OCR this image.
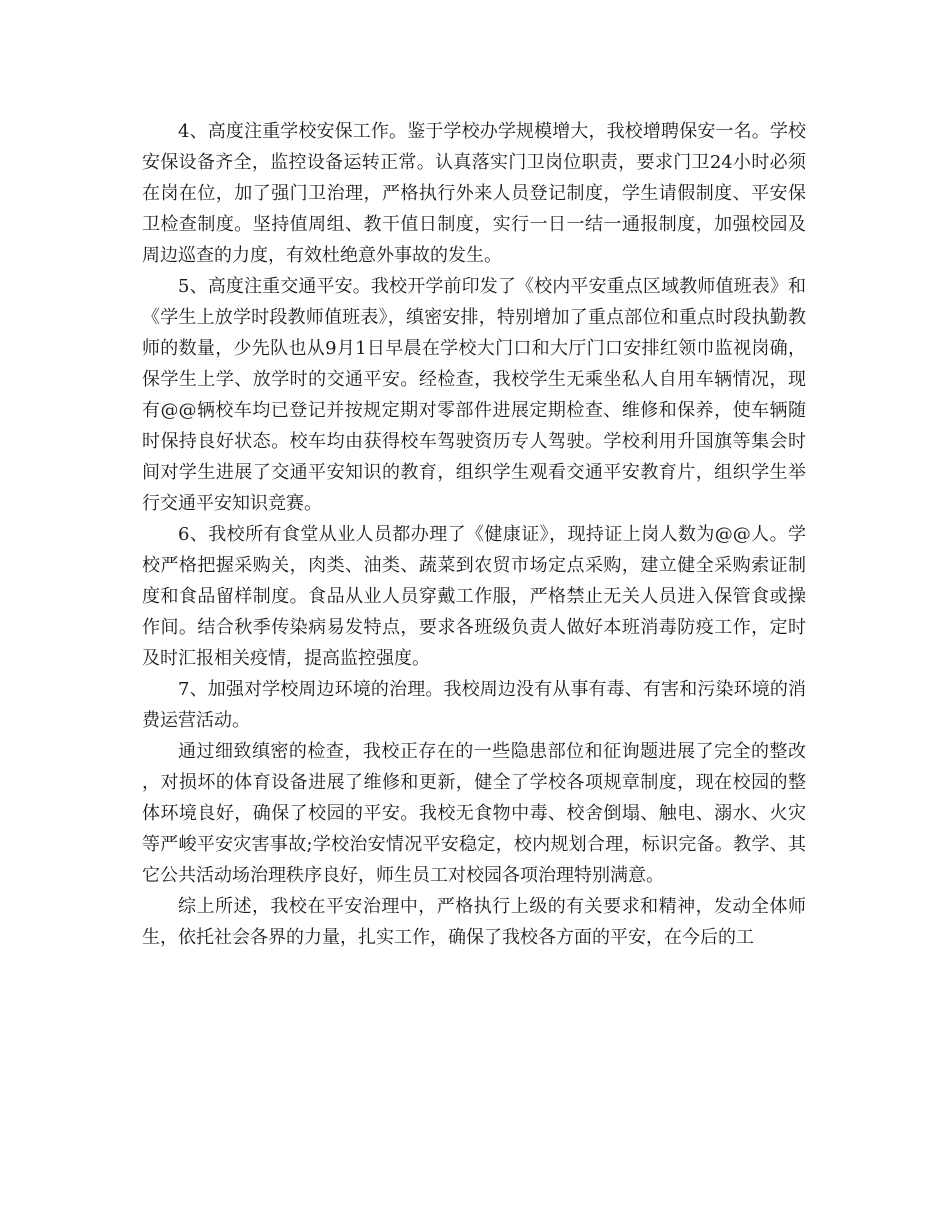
4、高度注重学校安保工作。鉴于学校办学规模增大，我校增聘保安一名。学校安保设备齐全，监控设备运转正常。认真落实门卫岗位职责，要求门卫24小时必须在岗在位，加了强门卫治理，严格执行外来人员登记制度，学生请假制度、平安保卫检查制度。坚持值周组、教干值日制度，实行一日一结一通报制度，加强校园及周边巡查的力度，有效杜绝意外事故的发生。

5、高度注重交通平安。我校开学前印发了《校内平安重点区域教师值班表》和《学生上放学时段教师值班表》，缜密安排，特别增加了重点部位和重点时段执勤教师的数量，少先队也从9月1日早晨在学校大门口和大厅门口安排红领巾监视岗确，保学生上学、放学时的交通平安。经检查，我校学生无乘坐私人自用车辆情况，现有@@辆校车均已登记并按规定期对零部件进展定期检查、维修和保养，使车辆随时保持良好状态。校车均由获得校车驾驶资历专人驾驶。学校利用升国旗等集会时间对学生进展了交通平安知识的教育，组织学生观看交通平安教育片，组织学生举行交通平安知识竞赛。

6、我校所有食堂从业人员都办理了《健康证》，现持证上岗人数为@@人。学校严格把握采购关，肉类、油类、蔬菜到农贸市场定点采购，建立健全采购索证制度和食品留样制度。食品从业人员穿戴工作服，严格禁止无关人员进入保管食或操作间。结合秋季传染病易发特点，要求各班级负责人做好本班消毒防疫工作，定时及时汇报相关疫情，提高监控强度。

7、加强对学校周边环境的治理。我校周边没有从事有毒、有害和污染环境的消费运营活动。

通过细致缜密的检查，我校正存在的一些隐患部位和征询题进展了完全的整改，对损坏的体育设备进展了维修和更新，健全了学校各项规章制度，现在校园的整体环境良好，确保了校园的平安。我校无食物中毒、校舍倒塌、触电、溺水、火灾等严峻平安灾害事故;学校治安情况平安稳定，校内规划合理，标识完备。教学、其它公共活动场治理秩序良好，师生员工对校园各项治理特别满意。

综上所述，我校在平安治理中，严格执行上级的有关要求和精神，发动全体师生，依托社会各界的力量，扎实工作，确保了我校各方面的平安，在今后的工
